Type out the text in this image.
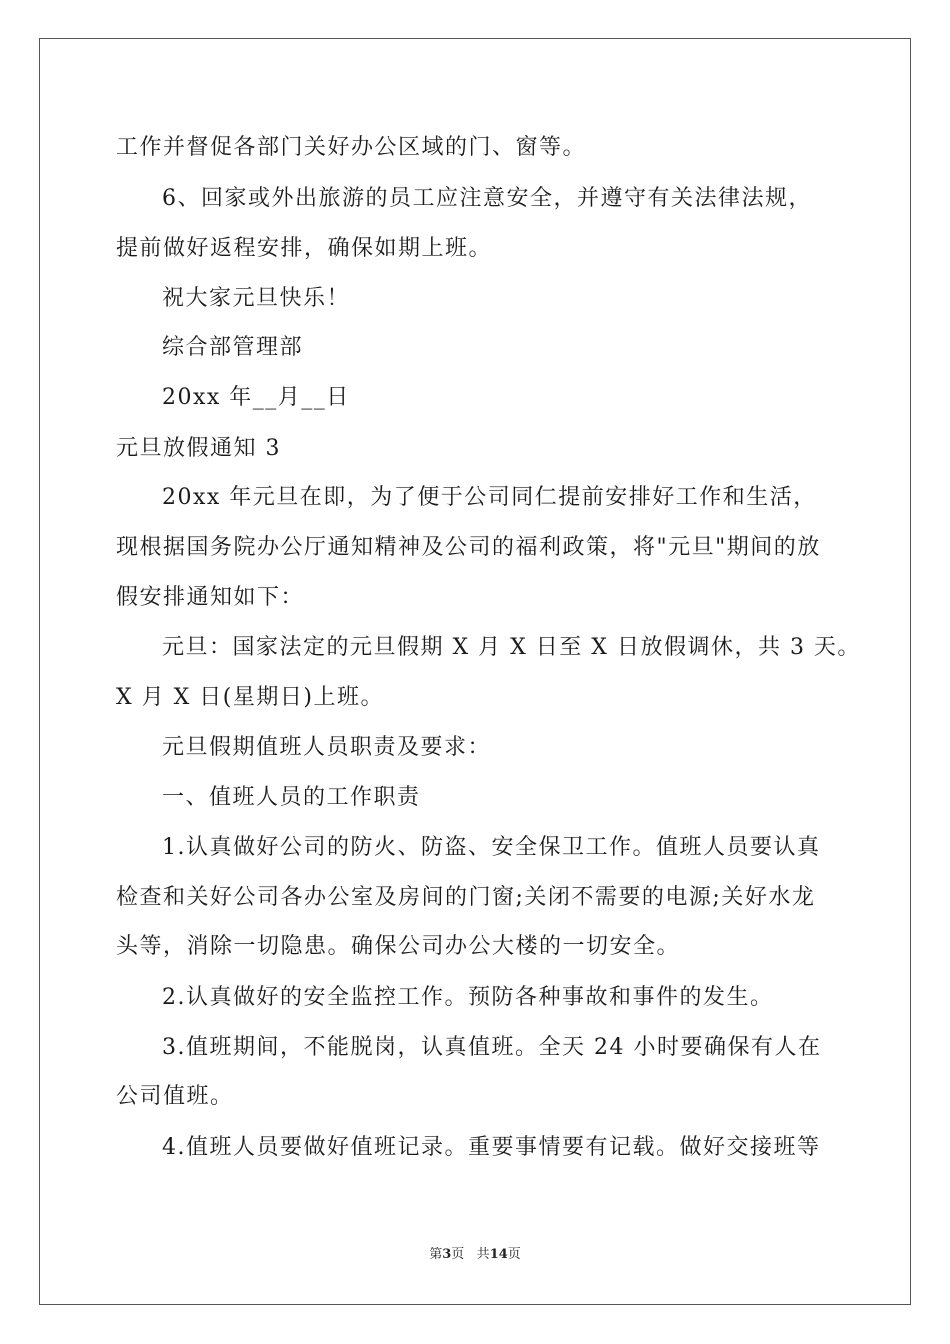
工作并督促各部门关好办公区域的门、窗等。
6、回家或外出旅游的员工应注意安全，并遵守有关法律法规，
提前做好返程安排，确保如期上班。
祝大家元旦快乐！
综合部管理部
20xx 年__月__日
元旦放假通知 3
20xx 年元旦在即，为了便于公司同仁提前安排好工作和生活，
现根据国务院办公厅通知精神及公司的福利政策，将"元旦"期间的放
假安排通知如下：
元旦：国家法定的元旦假期 X 月 X 日至 X 日放假调休，共 3 天。
X 月 X 日(星期日)上班。
元旦假期值班人员职责及要求：
一、值班人员的工作职责
1.认真做好公司的防火、防盗、安全保卫工作。值班人员要认真
检查和关好公司各办公室及房间的门窗;关闭不需要的电源;关好水龙
头等，消除一切隐患。确保公司办公大楼的一切安全。
2.认真做好的安全监控工作。预防各种事故和事件的发生。
3.值班期间，不能脱岗，认真值班。全天 24 小时要确保有人在
公司值班。
4.值班人员要做好值班记录。重要事情要有记载。做好交接班等
第3页 共14页
